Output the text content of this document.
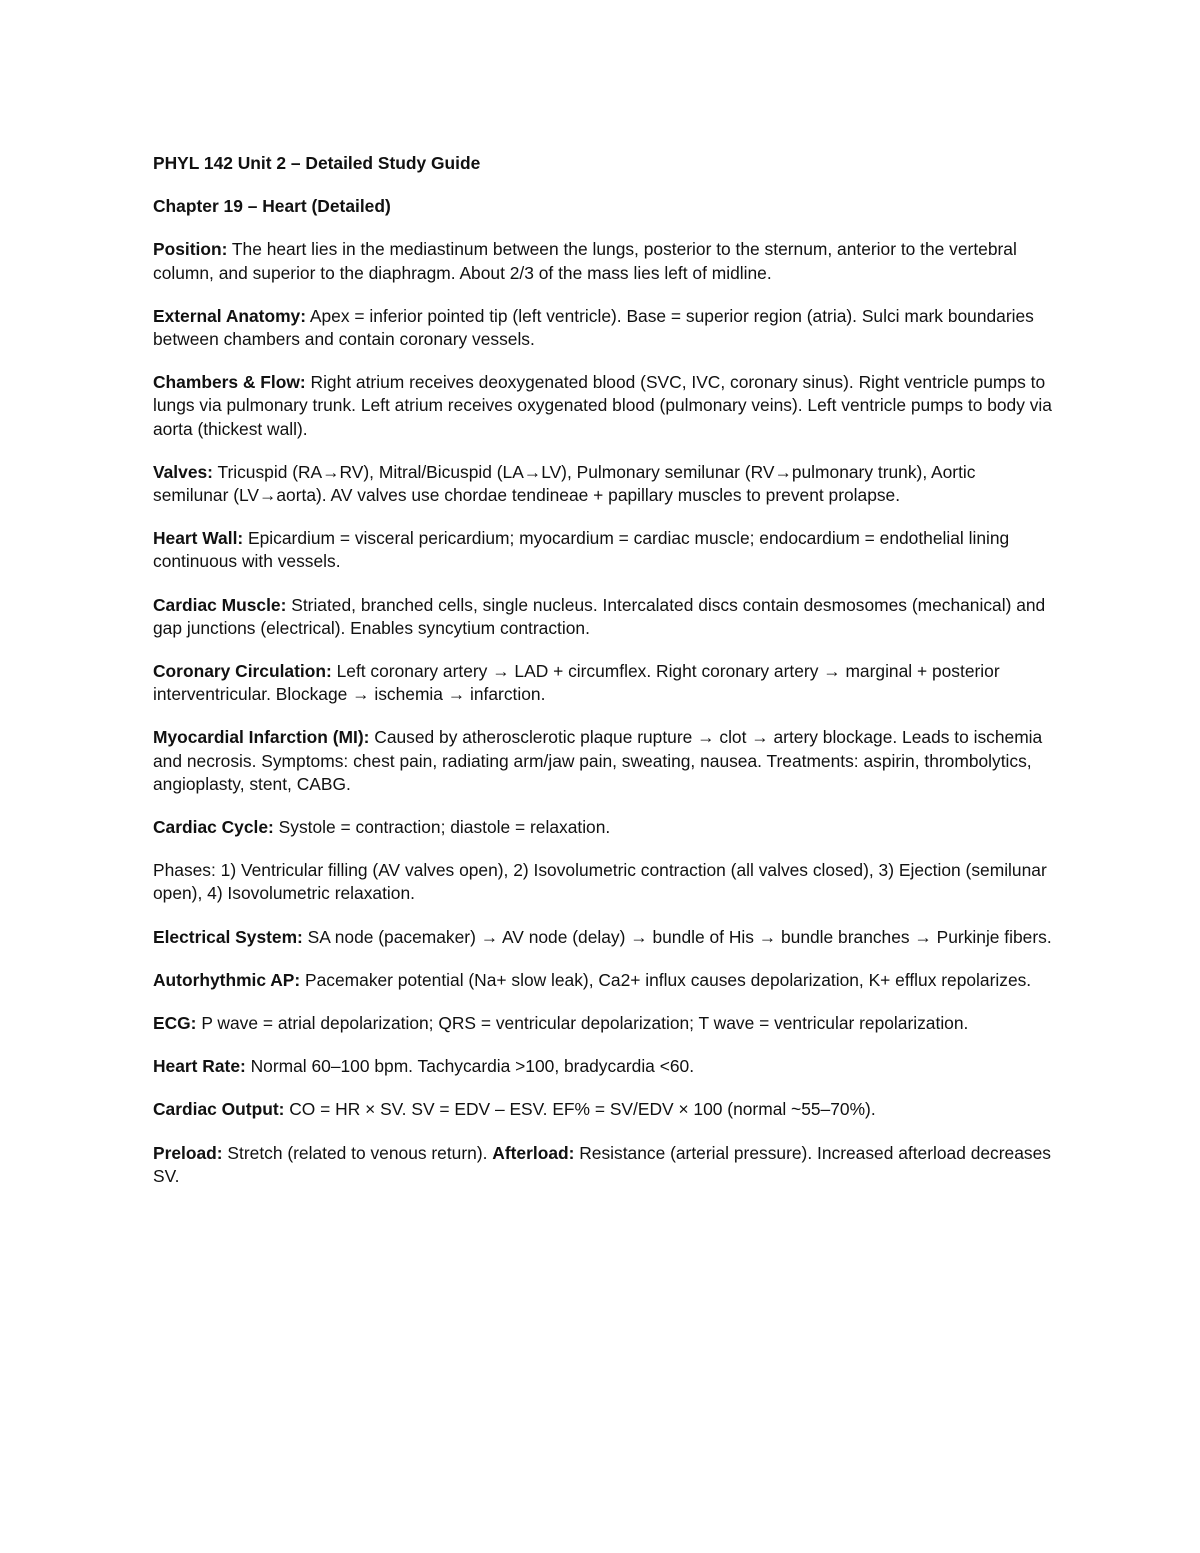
PHYL 142 Unit 2 – Detailed Study Guide

Chapter 19 – Heart (Detailed)

Position: The heart lies in the mediastinum between the lungs, posterior to the sternum, anterior to the vertebral column, and superior to the diaphragm. About 2/3 of the mass lies left of midline.

External Anatomy: Apex = inferior pointed tip (left ventricle). Base = superior region (atria). Sulci mark boundaries between chambers and contain coronary vessels.

Chambers & Flow: Right atrium receives deoxygenated blood (SVC, IVC, coronary sinus). Right ventricle pumps to lungs via pulmonary trunk. Left atrium receives oxygenated blood (pulmonary veins). Left ventricle pumps to body via aorta (thickest wall).

Valves: Tricuspid (RA→RV), Mitral/Bicuspid (LA→LV), Pulmonary semilunar (RV→pulmonary trunk), Aortic semilunar (LV→aorta). AV valves use chordae tendineae + papillary muscles to prevent prolapse.

Heart Wall: Epicardium = visceral pericardium; myocardium = cardiac muscle; endocardium = endothelial lining continuous with vessels.

Cardiac Muscle: Striated, branched cells, single nucleus. Intercalated discs contain desmosomes (mechanical) and gap junctions (electrical). Enables syncytium contraction.

Coronary Circulation: Left coronary artery → LAD + circumflex. Right coronary artery → marginal + posterior interventricular. Blockage → ischemia → infarction.

Myocardial Infarction (MI): Caused by atherosclerotic plaque rupture → clot → artery blockage. Leads to ischemia and necrosis. Symptoms: chest pain, radiating arm/jaw pain, sweating, nausea. Treatments: aspirin, thrombolytics, angioplasty, stent, CABG.

Cardiac Cycle: Systole = contraction; diastole = relaxation.

Phases: 1) Ventricular filling (AV valves open), 2) Isovolumetric contraction (all valves closed), 3) Ejection (semilunar open), 4) Isovolumetric relaxation.

Electrical System: SA node (pacemaker) → AV node (delay) → bundle of His → bundle branches → Purkinje fibers.

Autorhythmic AP: Pacemaker potential (Na+ slow leak), Ca2+ influx causes depolarization, K+ efflux repolarizes.

ECG: P wave = atrial depolarization; QRS = ventricular depolarization; T wave = ventricular repolarization.

Heart Rate: Normal 60–100 bpm. Tachycardia >100, bradycardia <60.

Cardiac Output: CO = HR × SV. SV = EDV – ESV. EF% = SV/EDV × 100 (normal ~55–70%).

Preload: Stretch (related to venous return). Afterload: Resistance (arterial pressure). Increased afterload decreases SV.
